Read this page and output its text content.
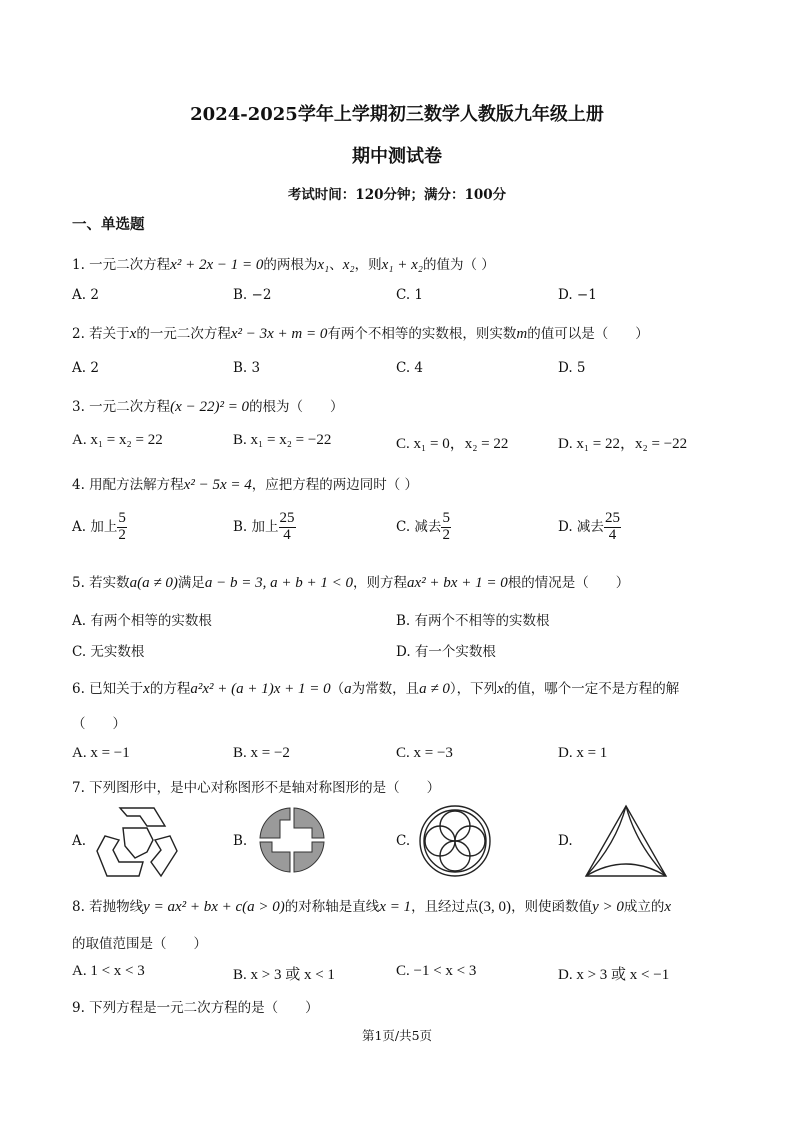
2024-2025学年上学期初三数学人教版九年级上册
期中测试卷
考试时间：120分钟；满分：100分
一、单选题
1. 一元二次方程x² + 2x − 1 = 0的两根为x₁、x₂，则x₁ + x₂的值为（ ）
A. 2	B. −2	C. 1	D. −1
2. 若关于x的一元二次方程x² − 3x + m = 0有两个不相等的实数根，则实数m的值可以是（　　）
A. 2	B. 3	C. 4	D. 5
3. 一元二次方程(x − 22)² = 0的根为（　　）
A. x₁ = x₂ = 22	B. x₁ = x₂ = −22	C. x₁ = 0，x₂ = 22	D. x₁ = 22，x₂ = −22
4. 用配方法解方程x² − 5x = 4，应把方程的两边同时（ ）
A. 加上 $\frac{5}{2}$	B. 加上 $\frac{25}{4}$	C. 减去 $\frac{5}{2}$	D. 减去 $\frac{25}{4}$
5. 若实数a(a ≠ 0)满足a − b = 3, a + b + 1 < 0，则方程ax² + bx + 1 = 0根的情况是（　　）
A. 有两个相等的实数根	B. 有两个不相等的实数根
C. 无实数根	D. 有一个实数根
6. 已知关于x的方程a²x² + (a + 1)x + 1 = 0（a为常数，且a ≠ 0），下列x的值，哪个一定不是方程的解
（　　）
A. x = −1	B. x = −2	C. x = −3	D. x = 1
7. 下列图形中，是中心对称图形不是轴对称图形的是（　　）
A.	B.	C.	D.
8. 若抛物线y = ax² + bx + c(a > 0)的对称轴是直线x = 1，且经过点(3, 0)，则使函数值y > 0成立的x
的取值范围是（　　）
A. 1 < x < 3	B. x > 3 或 x < 1	C. −1 < x < 3	D. x > 3 或 x < −1
9. 下列方程是一元二次方程的是（　　）
第1页/共5页
